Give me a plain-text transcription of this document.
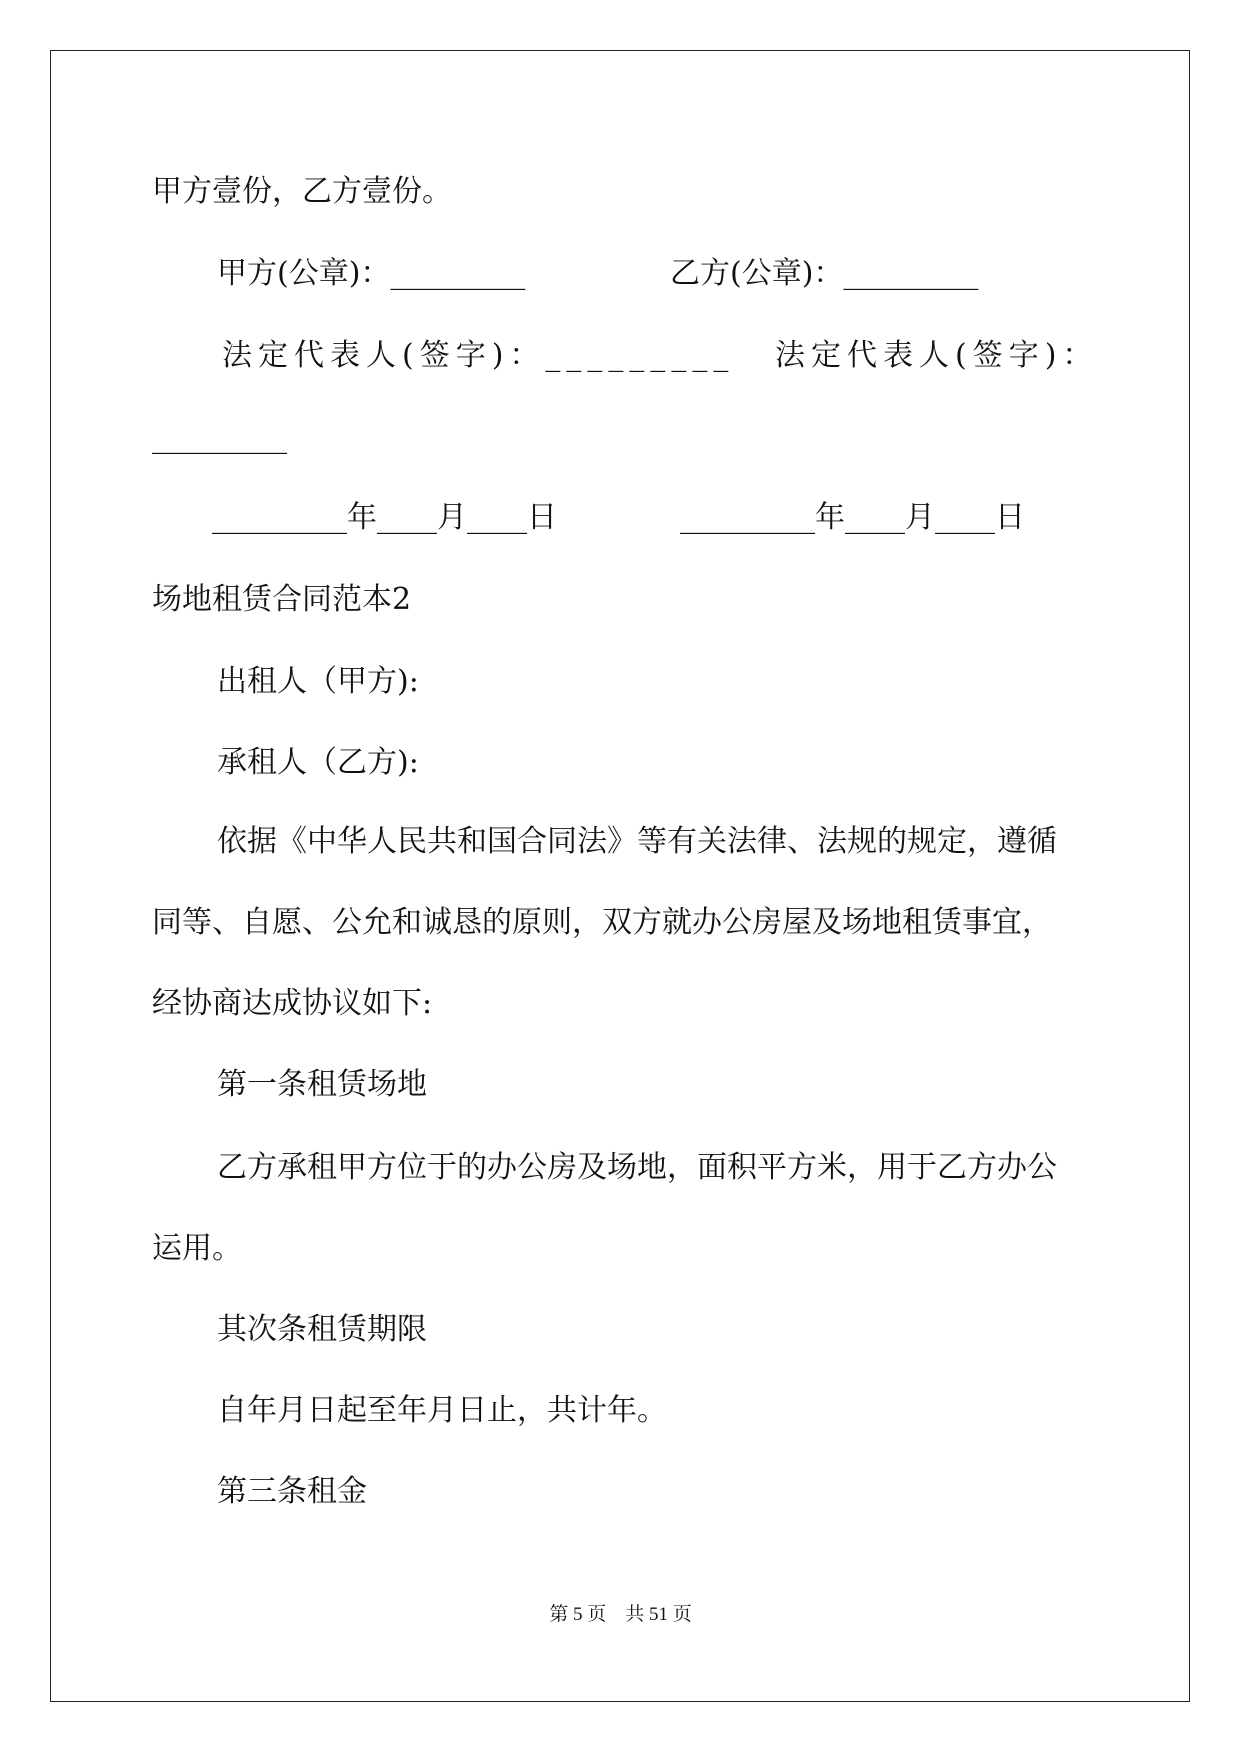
甲方壹份，乙方壹份。
甲方(公章)：_________	乙方(公章)：_________
法定代表人(签字)：_________ 法定代表人(签字)：
_________
_________年____月____日	_________年____月____日
场地租赁合同范本2
出租人（甲方):
承租人（乙方):
依据《中华人民共和国合同法》等有关法律、法规的规定，遵循
同等、自愿、公允和诚恳的原则，双方就办公房屋及场地租赁事宜，
经协商达成协议如下:
第一条租赁场地
乙方承租甲方位于的办公房及场地，面积平方米，用于乙方办公
运用。
其次条租赁期限
自年月日起至年月日止，共计年。
第三条租金
第 5 页 共 51 页
